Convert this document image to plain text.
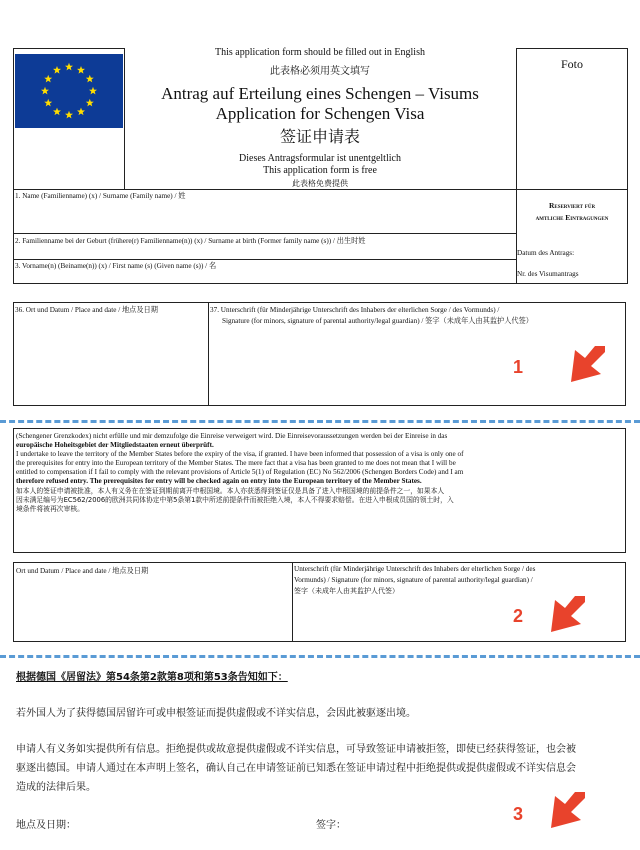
This application form should be filled out in English
此表格必须用英文填写
Antrag auf Erteilung eines Schengen – Visums
Application for Schengen Visa
签证申请表
Dieses Antragsformular ist unentgeltlich
This application form is free
此表格免费提供
Foto
1. Name (Familienname) (x) / Surname (Family name) / 姓
2. Familienname bei der Geburt (frühere(r) Familienname(n)) (x) / Surname at birth (Former family name (s)) / 出生时姓
3. Vorname(n) (Beiname(n)) (x) / First name (s) (Given name (s)) / 名
Reserviert für
amtliche Eintragungen
Datum des Antrags:
Nr. des Visumantrags
36. Ort und Datum / Place and date / 地点及日期	37. Unterschrift (für Minderjährige Unterschrift des Inhabers der elterlichen Sorge / des Vormunds) /
Signature (for minors, signature of parental authority/legal guardian) / 签字（未成年人由其监护人代签）
1
(Schengener Grenzkodex) nicht erfülle und mir demzufolge die Einreise verweigert wird. Die Einreisevoraussetzungen werden bei der Einreise in das
europäische Hoheitsgebiet der Mitgliedstaaten erneut überprüft.
I undertake to leave the territory of the Member States before the expiry of the visa, if granted. I have been informed that possession of a visa is only one of
the prerequisites for entry into the European territory of the Member States. The mere fact that a visa has been granted to me does not mean that I will be
entitled to compensation if I fail to comply with the relevant provisions of Article 5(1) of Regulation (EC) No 562/2006 (Schengen Borders Code) and I am
therefore refused entry. The prerequisites for entry will be checked again on entry into the European territory of the Member States.
如本人的签证申请被批准，本人有义务在在签证到期前离开申根国境。本人亦获悉得到签证仅是具备了进入申根国境的前提条件之一，如果本人
因未满足编号为EC562/2006的欧洲共同体协定中第5条第1款中所述前提条件而被拒绝入境，本人不得要求赔偿。在进入申根成员国的领土时，入
境条件将被再次审核。
Ort und Datum / Place and date / 地点及日期	Unterschrift (für Minderjährige Unterschrift des Inhabers der elterlichen Sorge / des
Vormunds) / Signature (for minors, signature of parental authority/legal guardian) /
签字（未成年人由其监护人代签）
2
根据德国《居留法》第54条第2款第8项和第53条告知如下：
若外国人为了获得德国居留许可或申根签证而提供虚假或不详实信息，会因此被驱逐出境。
申请人有义务如实提供所有信息。拒绝提供或故意提供虚假或不详实信息，可导致签证申请被拒签，即使已经获得签证，也会被
驱逐出德国。申请人通过在本声明上签名，确认自己在申请签证前已知悉在签证申请过程中拒绝提供或提供虚假或不详实信息会
造成的法律后果。
地点及日期：	签字：
3
